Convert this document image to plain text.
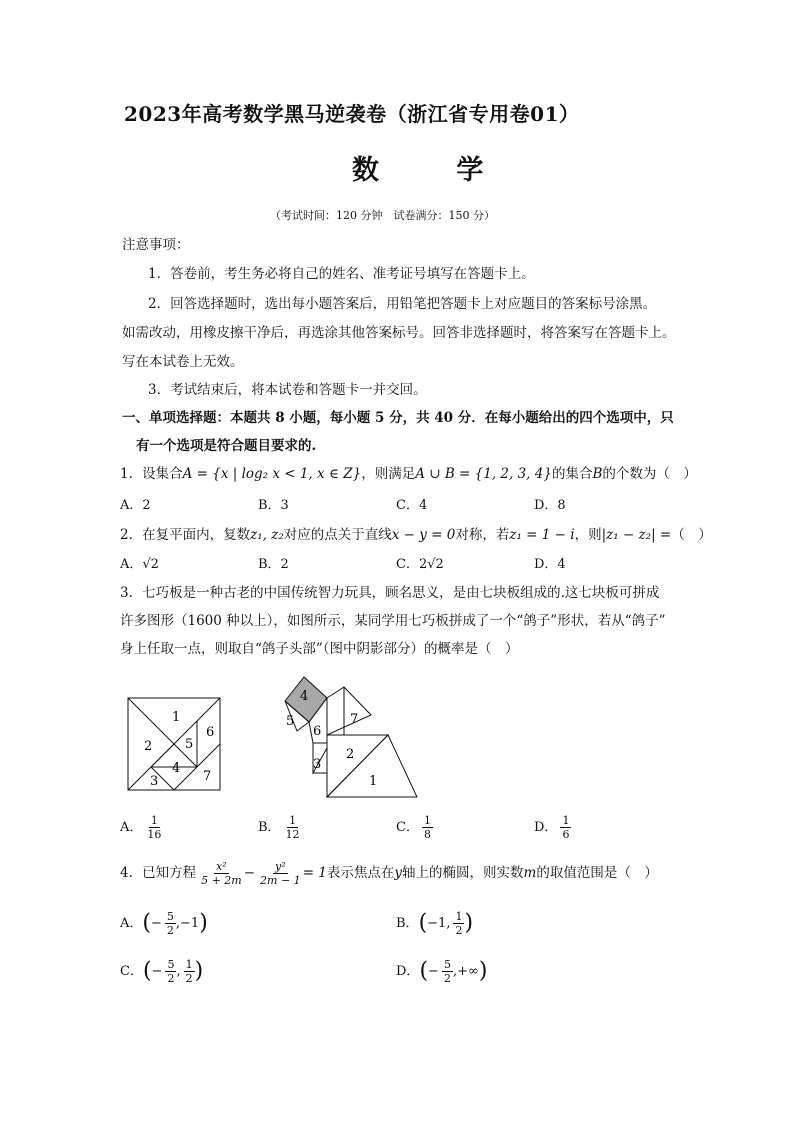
2023年高考数学黑马逆袭卷（浙江省专用卷01）
数 学
（考试时间：120 分钟　试卷满分：150 分）
注意事项：
1．答卷前，考生务必将自己的姓名、准考证号填写在答题卡上。
2．回答选择题时，选出每小题答案后，用铅笔把答题卡上对应题目的答案标号涂黑。
如需改动，用橡皮擦干净后，再选涂其他答案标号。回答非选择题时，将答案写在答题卡上。
写在本试卷上无效。
3．考试结束后，将本试卷和答题卡一并交回。
一、单项选择题：本题共 8 小题，每小题 5 分，共 40 分．在每小题给出的四个选项中，只
有一个选项是符合题目要求的.
1．设集合A = {x | log₂ x < 1, x ∈ Z}，则满足A ∪ B = {1, 2, 3, 4}的集合B的个数为（　）
A．2	B．3	C．4	D．8
2．在复平面内，复数z₁, z₂对应的点关于直线x − y = 0对称，若z₁ = 1 − i，则|z₁ − z₂| =（　）
A．√2	B．2	C．2√2	D．4
3．七巧板是一种古老的中国传统智力玩具，顾名思义，是由七块板组成的.这七块板可拼成
许多图形（1600 种以上），如图所示，某同学用七巧板拼成了一个“鸽子”形状，若从“鸽子”
身上任取一点，则取自“鸽子头部”（图中阴影部分）的概率是（　）
1
2	5
6
4
3	7
4
5
6
3
7
2
1
A． $\frac{1}{16}$	B． $\frac{1}{12}$	C． $\frac{1}{8}$	D． $\frac{1}{6}$
4．已知方程 $\frac{\text{x²}}{5 + 2m} - \frac{\text{y²}}{2m - 1} = 1$表示焦点在y轴上的椭圆，则实数m的取值范围是（　）
A．(− $\frac{5}{2} ,-1$)	B．(−1, $\frac{1}{2}$ )
C．(− $\frac{5}{2}$ , $\frac{1}{2}$ )	D．(− $\frac{5}{2}$ ,+∞)
